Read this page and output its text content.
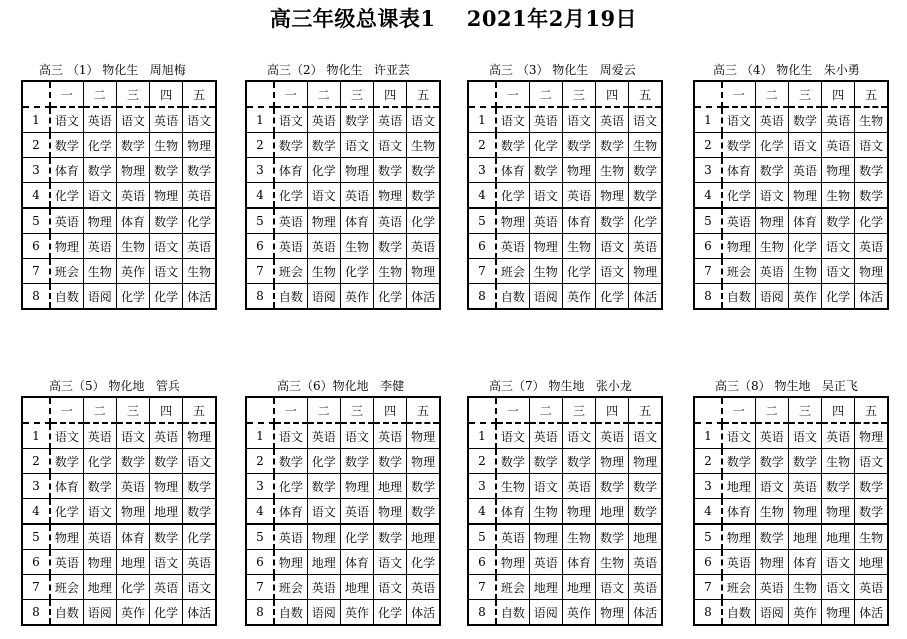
高三年级总课表1    2021年2月19日
高三 （1） 物化生   周旭梅
	一	二	三	四	五
1	语文	英语	语文	英语	语文
2	数学	化学	数学	生物	物理
3	体育	数学	物理	数学	数学
4	化学	语文	英语	物理	英语
5	英语	物理	体育	数学	化学
6	物理	英语	生物	语文	英语
7	班会	生物	英作	语文	生物
8	自数	语阅	化学	化学	体活
高三（2） 物化生   许亚芸
	一	二	三	四	五
1	语文	英语	数学	英语	语文
2	数学	数学	语文	语文	生物
3	体育	化学	物理	数学	数学
4	化学	语文	英语	物理	数学
5	英语	物理	体育	英语	化学
6	英语	英语	生物	数学	英语
7	班会	生物	化学	生物	物理
8	自数	语阅	英作	化学	体活
高三 （3） 物化生   周爱云
	一	二	三	四	五
1	语文	英语	语文	英语	语文
2	数学	化学	数学	数学	生物
3	体育	数学	物理	生物	数学
4	化学	语文	英语	物理	数学
5	物理	英语	体育	数学	化学
6	英语	物理	生物	语文	英语
7	班会	生物	化学	语文	物理
8	自数	语阅	英作	化学	体活
高三 （4） 物化生   朱小勇
	一	二	三	四	五
1	语文	英语	数学	英语	生物
2	数学	化学	语文	英语	语文
3	体育	数学	英语	物理	数学
4	化学	语文	物理	生物	数学
5	英语	物理	体育	数学	化学
6	物理	生物	化学	语文	英语
7	班会	英语	生物	语文	物理
8	自数	语阅	英作	化学	体活
高三（5） 物化地   管兵
	一	二	三	四	五
1	语文	英语	语文	英语	物理
2	数学	化学	数学	数学	语文
3	体育	数学	英语	物理	数学
4	化学	语文	物理	地理	数学
5	物理	英语	体育	数学	化学
6	英语	物理	地理	语文	英语
7	班会	地理	化学	英语	语文
8	自数	语阅	英作	化学	体活
高三（6）物化地   李健
	一	二	三	四	五
1	语文	英语	语文	英语	物理
2	数学	化学	数学	数学	物理
3	化学	数学	物理	地理	数学
4	体育	语文	英语	物理	数学
5	英语	物理	化学	数学	地理
6	物理	地理	体育	语文	化学
7	班会	英语	地理	语文	英语
8	自数	语阅	英作	化学	体活
高三（7） 物生地   张小龙
	一	二	三	四	五
1	语文	英语	语文	英语	语文
2	数学	数学	数学	物理	物理
3	生物	语文	英语	数学	数学
4	体育	生物	物理	地理	数学
5	英语	物理	生物	数学	地理
6	物理	英语	体育	生物	英语
7	班会	地理	地理	语文	英语
8	自数	语阅	英作	物理	体活
高三（8） 物生地   吴正飞
	一	二	三	四	五
1	语文	英语	语文	英语	物理
2	数学	数学	数学	生物	语文
3	地理	语文	英语	数学	数学
4	体育	生物	物理	物理	数学
5	物理	数学	地理	地理	生物
6	英语	物理	体育	语文	地理
7	班会	英语	生物	语文	英语
8	自数	语阅	英作	物理	体活
